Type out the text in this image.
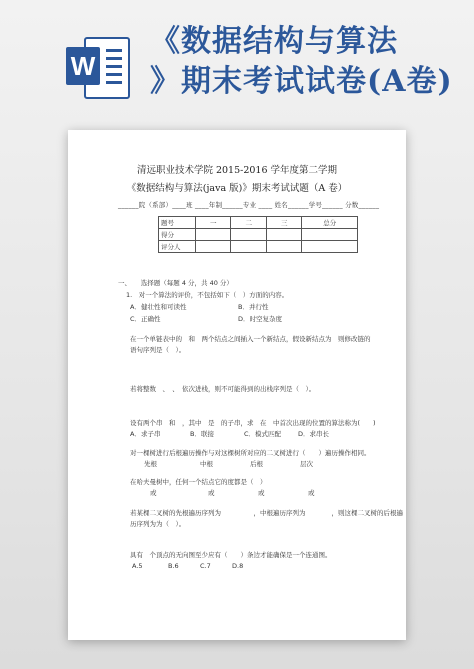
W
《数据结构与算法
》期末考试试卷(A卷)
清远职业技术学院 2015-2016 学年度第二学期
《数据结构与算法(java 版)》期末考试试题（A 卷）
______院（系部）____班 ____年制______专业 ____ 姓名______学号______ 分数______
题号	一	二	三	总分
得分				
评分人				
一、　　选择题（每题 4 分，共 40 分）
1.　对一个算法的评价，不包括如下（　）方面的内容。
A．健壮性和可读性	B．并行性
C．正确性	D．时空复杂度
在一个单链表中的　和　两个结点之间插入一个新结点，假设新结点为　则修改链的
语句序列是（　）。
若将整数　、　、　依次进栈，则不可能得到的出栈序列是（　）。
设有两个串　和　，其中　是　的子串，求　在　中首次出现的位置的算法称为(　　)
A．求子串	B．联接	C．模式匹配	D．求串长
对一棵树进行后根遍历操作与对这棵树所对应的二叉树进行（　　）遍历操作相同。
先根	中根	后根	层次
在哈夫曼树中，任何一个结点它的度都是（　）
或	或	或	或
若某棵二叉树的先根遍历序列为　　　　　，中根遍历序列为　　　　，则这棵二叉树的后根遍
历序列为为（　）。
具有　个顶点的无向图至少应有（　　）条边才能确保是一个连通图。
A.5	B.6	C.7	D.8
